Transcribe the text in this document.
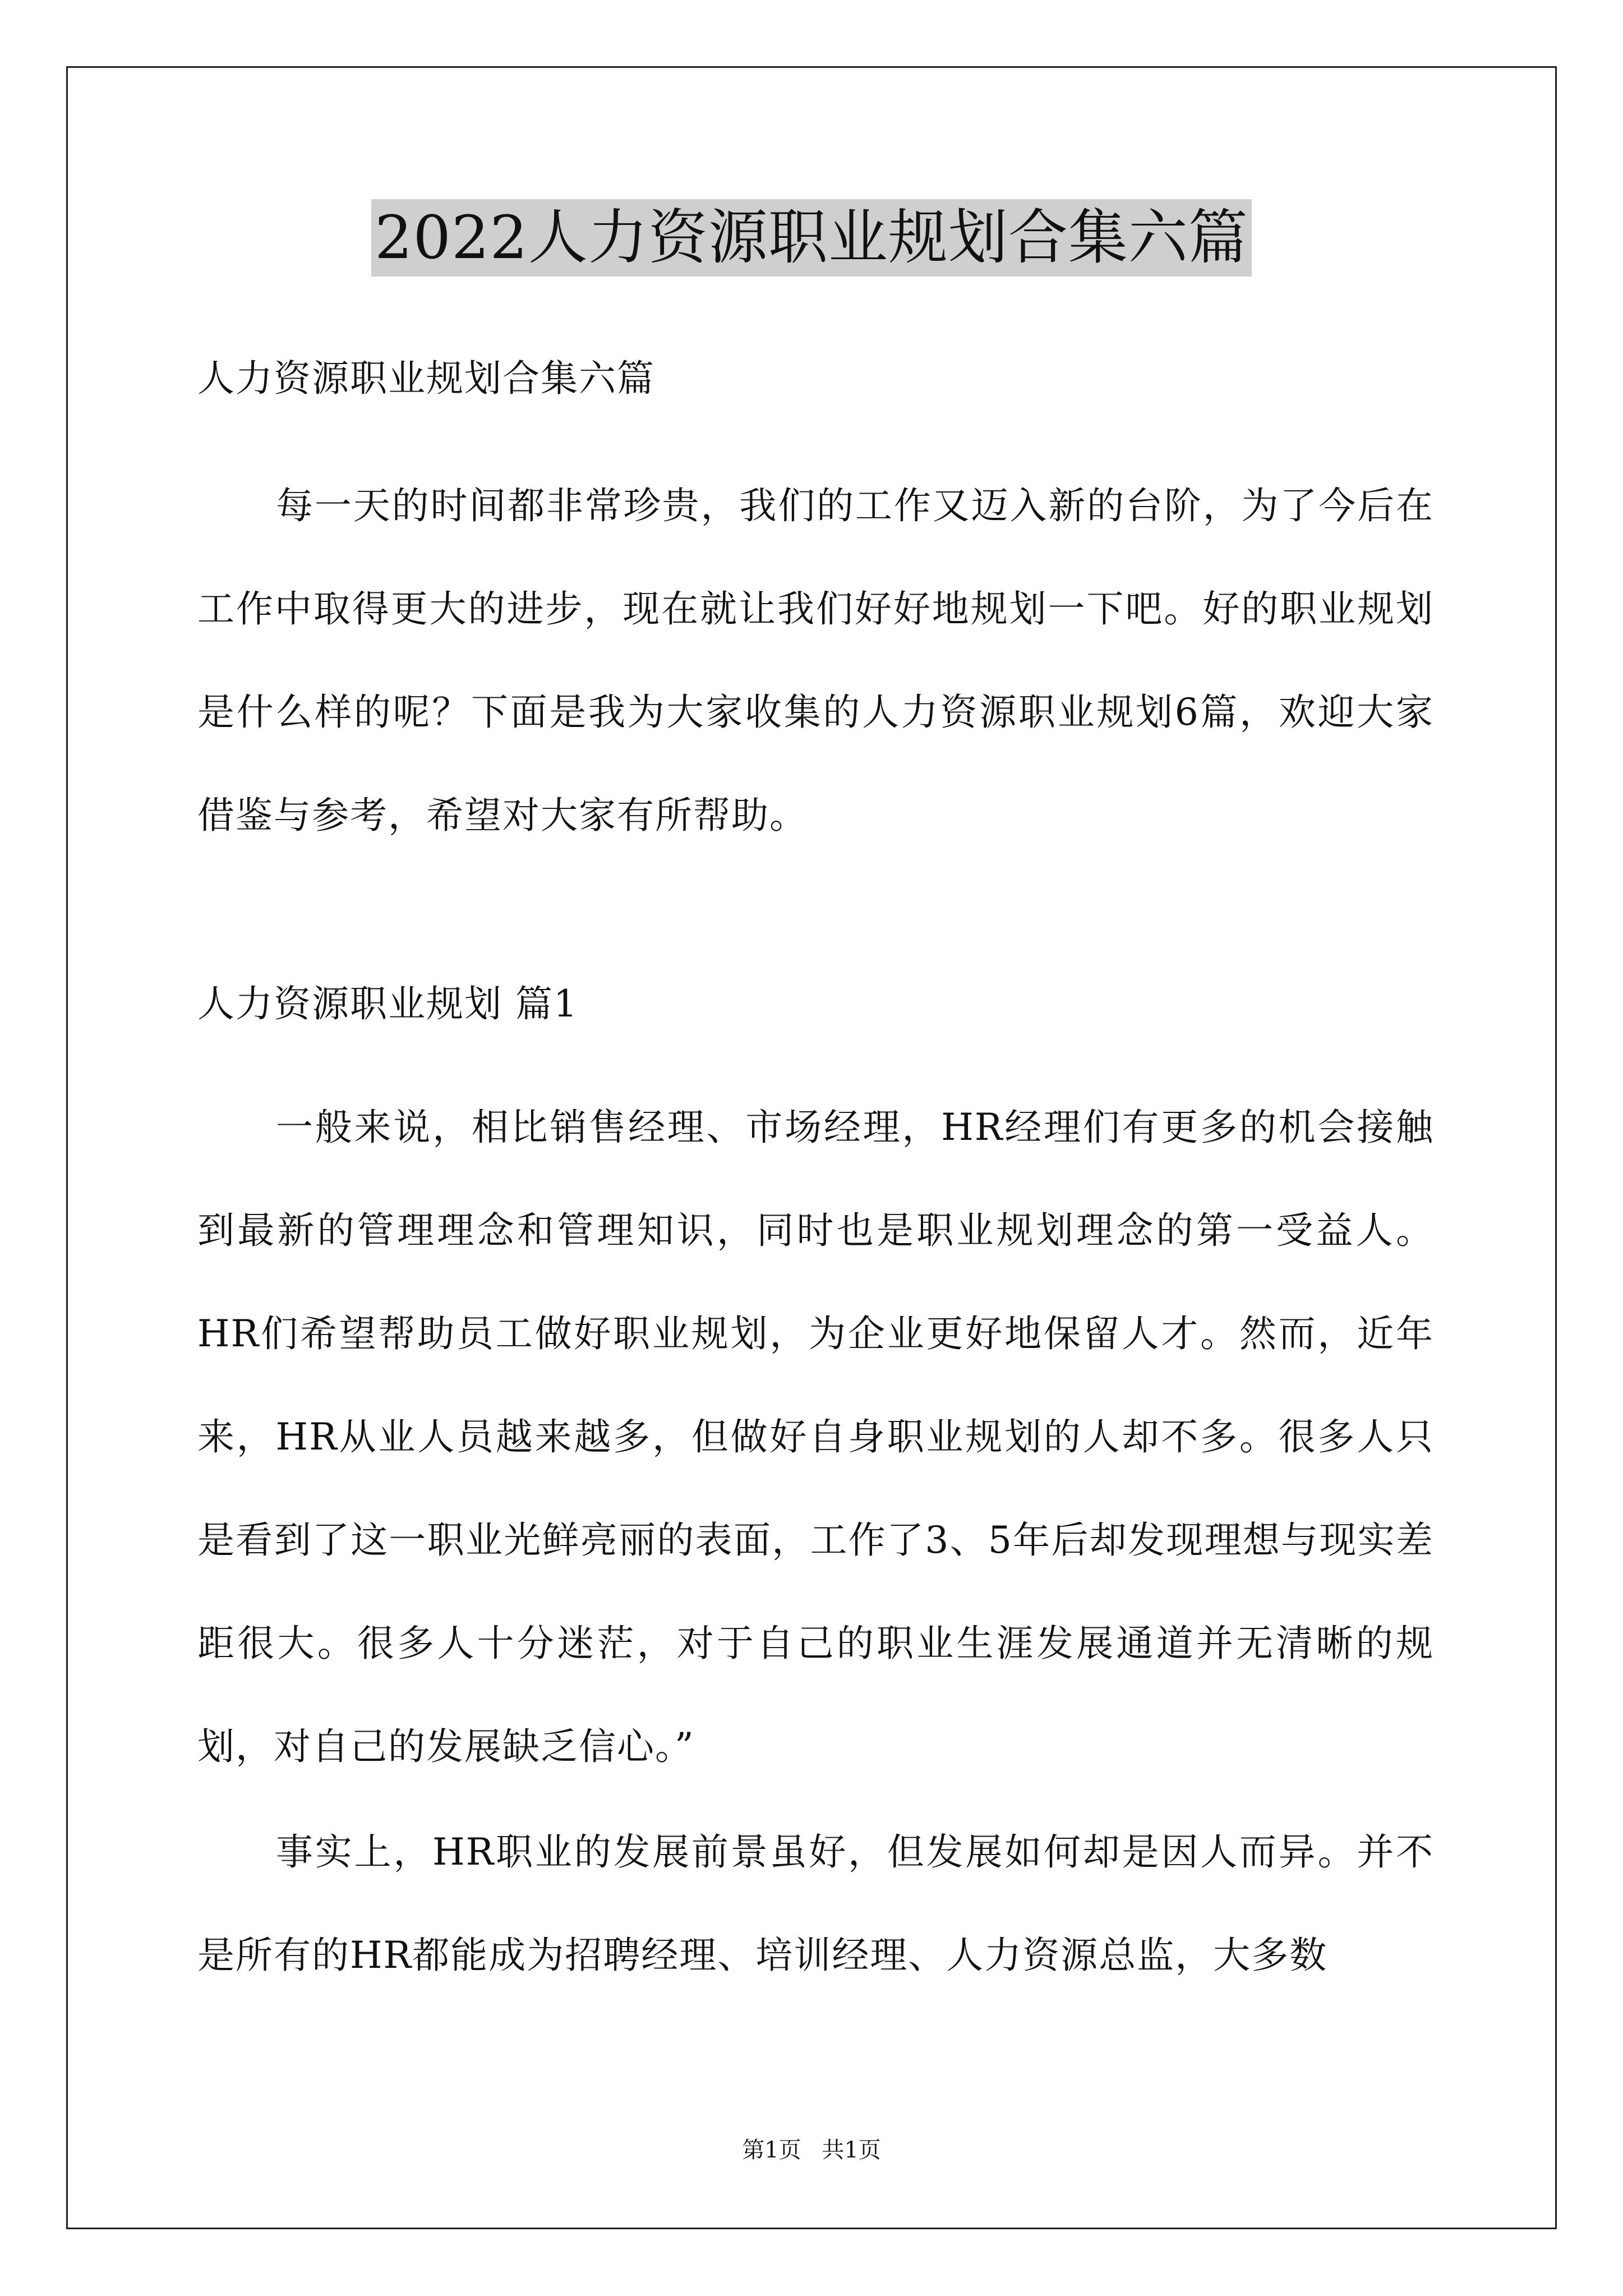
2022人力资源职业规划合集六篇
人力资源职业规划合集六篇

每一天的时间都非常珍贵，我们的工作又迈入新的台阶，为了今后在工作中取得更大的进步，现在就让我们好好地规划一下吧。好的职业规划是什么样的呢？下面是我为大家收集的人力资源职业规划6篇，欢迎大家借鉴与参考，希望对大家有所帮助。

人力资源职业规划 篇1

一般来说，相比销售经理、市场经理，HR经理们有更多的机会接触到最新的管理理念和管理知识，同时也是职业规划理念的第一受益人。HR们希望帮助员工做好职业规划，为企业更好地保留人才。然而，近年来，HR从业人员越来越多，但做好自身职业规划的人却不多。很多人只是看到了这一职业光鲜亮丽的表面，工作了3、5年后却发现理想与现实差距很大。很多人十分迷茫，对于自己的职业生涯发展通道并无清晰的规划，对自己的发展缺乏信心。”

事实上，HR职业的发展前景虽好，但发展如何却是因人而异。并不是所有的HR都能成为招聘经理、培训经理、人力资源总监，大多数

第1页 共1页
